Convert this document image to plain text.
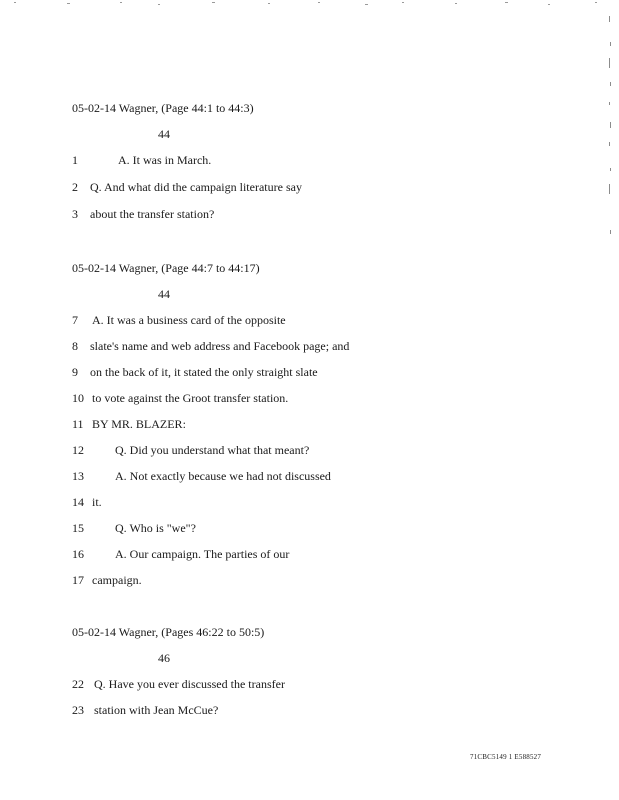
05-02-14 Wagner, (Page 44:1 to 44:3)
44
1	A. It was in March.
2	Q. And what did the campaign literature say
3	about the transfer station?
05-02-14 Wagner, (Page 44:7 to 44:17)
44
7	A. It was a business card of the opposite
8	slate's name and web address and Facebook page; and
9	on the back of it, it stated the only straight slate
10 to vote against the Groot transfer station.
11 BY MR. BLAZER:
12	Q. Did you understand what that meant?
13	A. Not exactly because we had not discussed
14 it.
15	Q. Who is "we"?
16	A. Our campaign. The parties of our
17 campaign.
05-02-14 Wagner, (Pages 46:22 to 50:5)
46
22 Q. Have you ever discussed the transfer
23 station with Jean McCue?
71CBC5149 1 E588527
